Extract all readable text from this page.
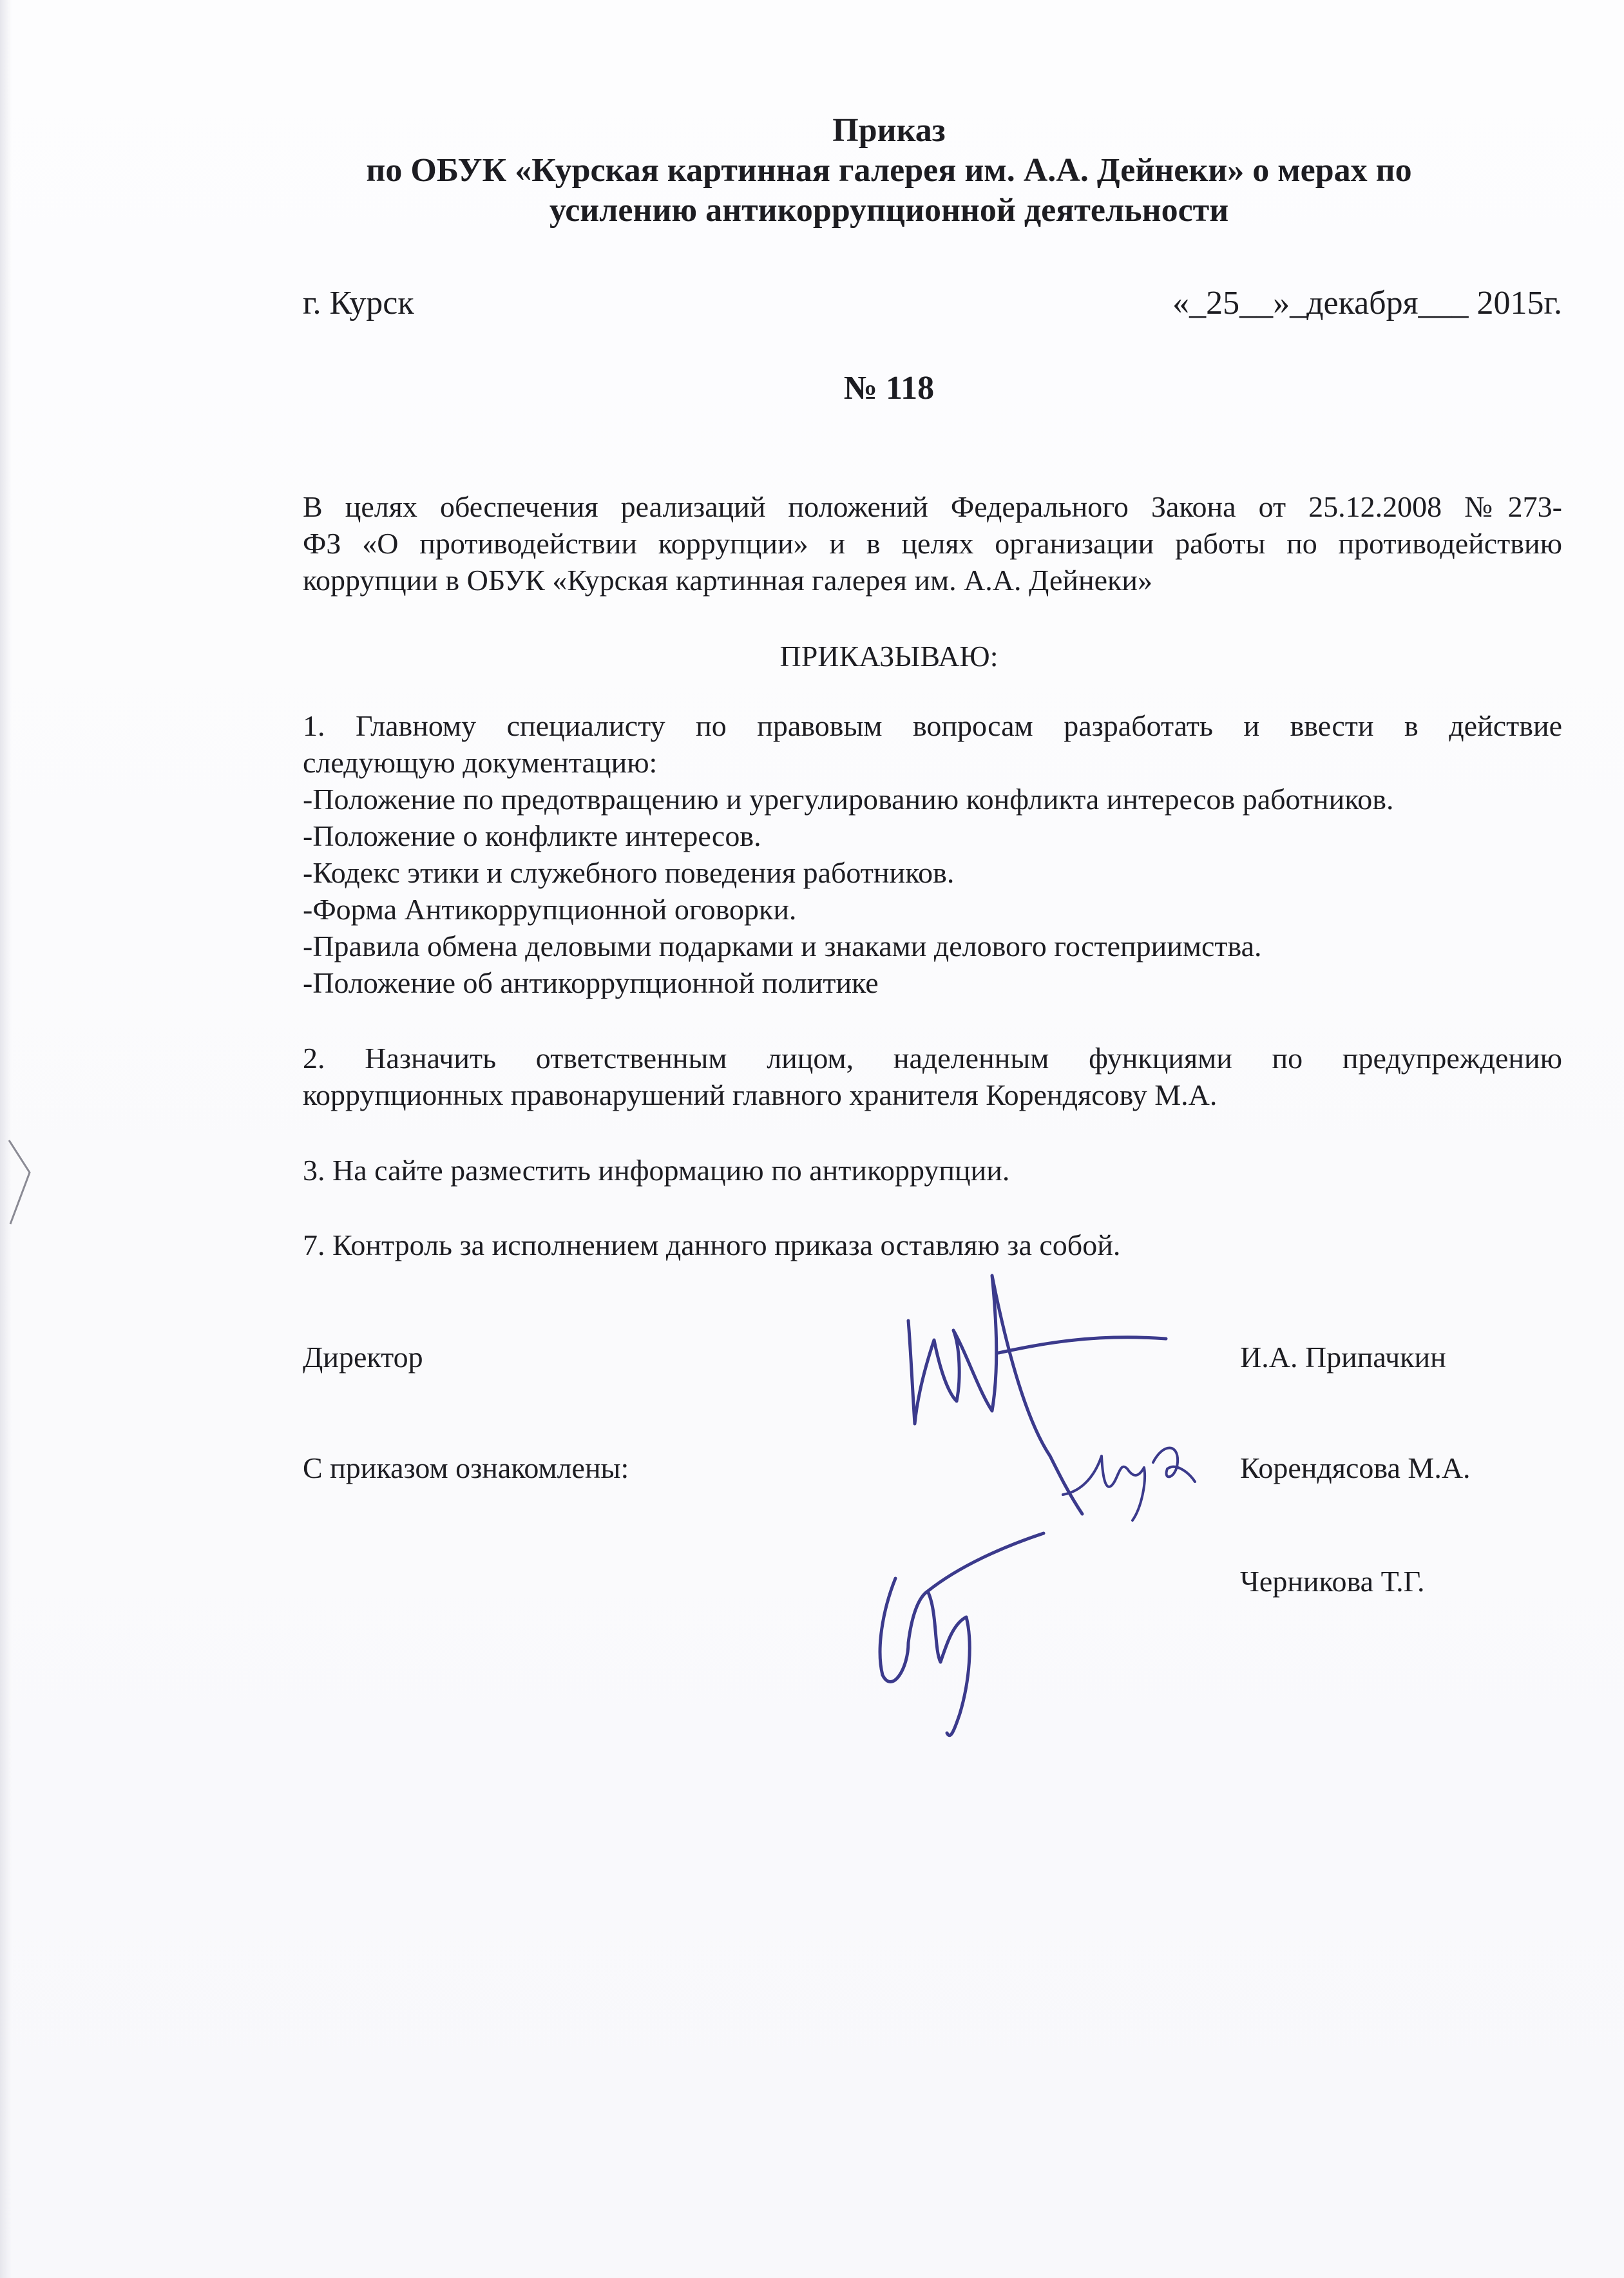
Приказ
по ОБУК «Курская картинная галерея им. А.А. Дейнеки» о мерах по
усилению антикоррупционной деятельности
г. Курск	«_25__»_декабря___ 2015г.
№ 118
В целях обеспечения реализаций положений Федерального Закона от 25.12.2008 №273-
ФЗ «О противодействии коррупции» и в целях организации работы по противодействию
коррупции в ОБУК «Курская картинная галерея им. А.А. Дейнеки»
ПРИКАЗЫВАЮ:
1. Главному специалисту по правовым вопросам разработать и ввести в действие
следующую документацию:
-Положение по предотвращению и урегулированию конфликта интересов работников.
-Положение о конфликте интересов.
-Кодекс этики и служебного поведения работников.
-Форма Антикоррупционной оговорки.
-Правила обмена деловыми подарками и знаками делового гостеприимства.
-Положение об антикоррупционной политике
2. Назначить ответственным лицом, наделенным функциями по предупреждению
коррупционных правонарушений главного хранителя Корендясову М.А.
3. На сайте разместить информацию по антикоррупции.
7. Контроль за исполнением данного приказа оставляю за собой.
Директор	И.А. Припачкин
С приказом ознакомлены:	Корендясова М.А.
Черникова Т.Г.
